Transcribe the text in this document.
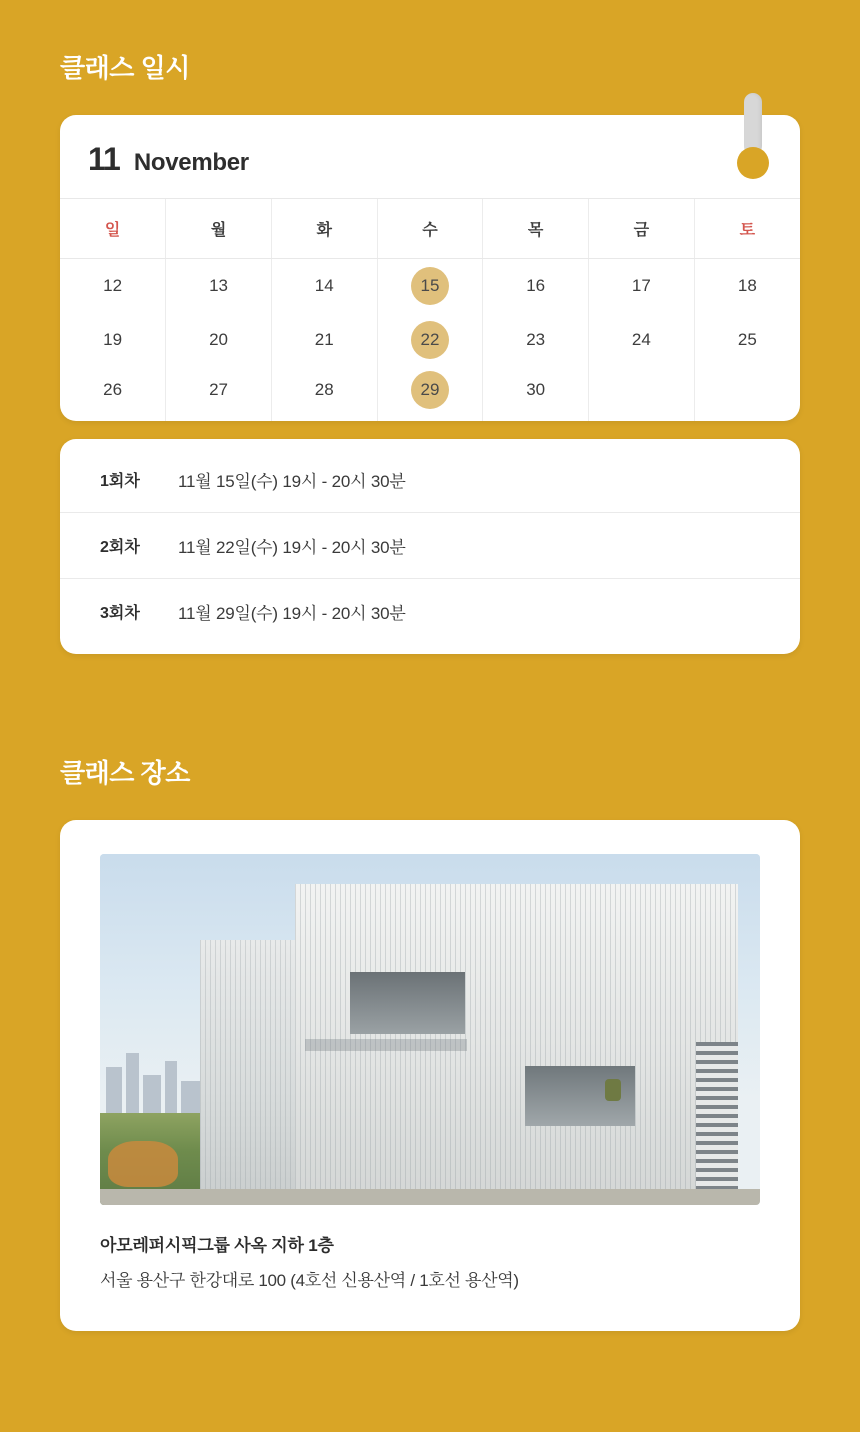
클래스 일시
11 November
일	월	화	수	목	금	토
12	13	14	15	16	17	18
19	20	21	22	23	24	25
26	27	28	29	30		
1회차	11월 15일(수) 19시 - 20시 30분
2회차	11월 22일(수) 19시 - 20시 30분
3회차	11월 29일(수) 19시 - 20시 30분
클래스 장소
아모레퍼시픽그룹 사옥 지하 1층
서울 용산구 한강대로 100 (4호선 신용산역 / 1호선 용산역)
